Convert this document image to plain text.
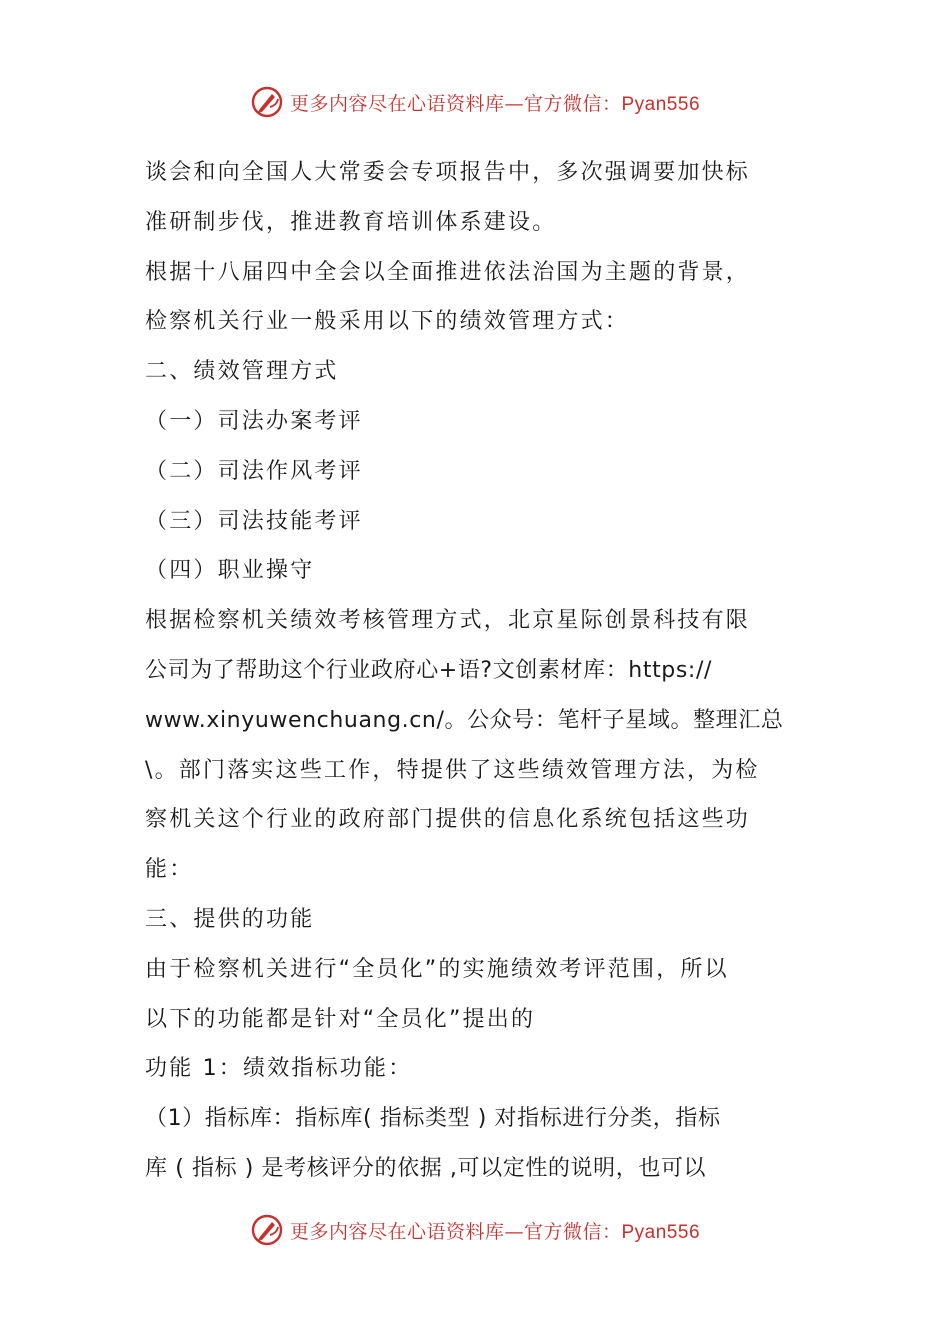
更多内容尽在心语资料库—官方微信：Pyan556
谈会和向全国人大常委会专项报告中，多次强调要加快标
准研制步伐，推进教育培训体系建设。
根据十八届四中全会以全面推进依法治国为主题的背景，
检察机关行业一般采用以下的绩效管理方式：
二、绩效管理方式
（一）司法办案考评
（二）司法作风考评
（三）司法技能考评
（四）职业操守
根据检察机关绩效考核管理方式，北京星际创景科技有限
公司为了帮助这个行业政府心+语?文创素材库：https://
www.xinyuwenchuang.cn/。公众号：笔杆子星域。整理汇总
\。部门落实这些工作，特提供了这些绩效管理方法，为检
察机关这个行业的政府部门提供的信息化系统包括这些功
能：
三、提供的功能
由于检察机关进行“全员化”的实施绩效考评范围，所以
以下的功能都是针对“全员化”提出的
功能 1：绩效指标功能：
（1）指标库：指标库( 指标类型 ) 对指标进行分类，指标
库 ( 指标 ) 是考核评分的依据 ,可以定性的说明，也可以
更多内容尽在心语资料库—官方微信：Pyan556
